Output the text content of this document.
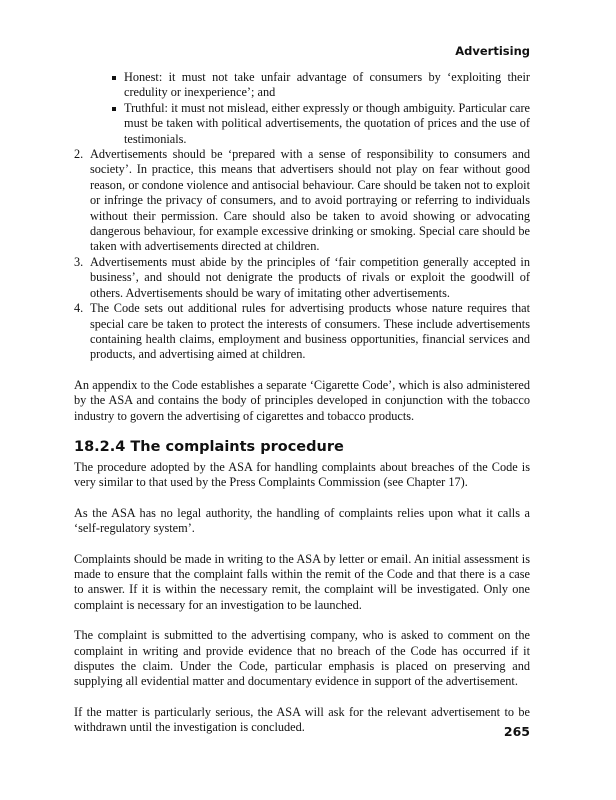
Advertising
Honest: it must not take unfair advantage of consumers by ‘exploiting their credulity or inexperience’; and
Truthful: it must not mislead, either expressly or though ambiguity. Particular care must be taken with political advertisements, the quotation of prices and the use of testimonials.
2. Advertisements should be ‘prepared with a sense of responsibility to consumers and society’. In practice, this means that advertisers should not play on fear without good reason, or condone violence and antisocial behaviour. Care should be taken not to exploit or infringe the privacy of consumers, and to avoid portraying or referring to individuals without their permission. Care should also be taken to avoid showing or advocating dangerous behaviour, for example excessive drinking or smoking. Special care should be taken with advertisements directed at children.
3. Advertisements must abide by the principles of ‘fair competition generally accepted in business’, and should not denigrate the products of rivals or exploit the goodwill of others. Advertisements should be wary of imitating other advertisements.
4. The Code sets out additional rules for advertising products whose nature requires that special care be taken to protect the interests of consumers. These include advertisements containing health claims, employment and business opportunities, financial services and products, and advertising aimed at children.

An appendix to the Code establishes a separate ‘Cigarette Code’, which is also administered by the ASA and contains the body of principles developed in conjunction with the tobacco industry to govern the advertising of cigarettes and tobacco products.

18.2.4 The complaints procedure

The procedure adopted by the ASA for handling complaints about breaches of the Code is very similar to that used by the Press Complaints Commission (see Chapter 17).

As the ASA has no legal authority, the handling of complaints relies upon what it calls a ‘self-regulatory system’.

Complaints should be made in writing to the ASA by letter or email. An initial assessment is made to ensure that the complaint falls within the remit of the Code and that there is a case to answer. If it is within the necessary remit, the complaint will be investigated. Only one complaint is necessary for an investigation to be launched.

The complaint is submitted to the advertising company, who is asked to comment on the complaint in writing and provide evidence that no breach of the Code has occurred if it disputes the claim. Under the Code, particular emphasis is placed on preserving and supplying all evidential matter and documentary evidence in support of the advertisement.

If the matter is particularly serious, the ASA will ask for the relevant advertisement to be withdrawn until the investigation is concluded.	265
